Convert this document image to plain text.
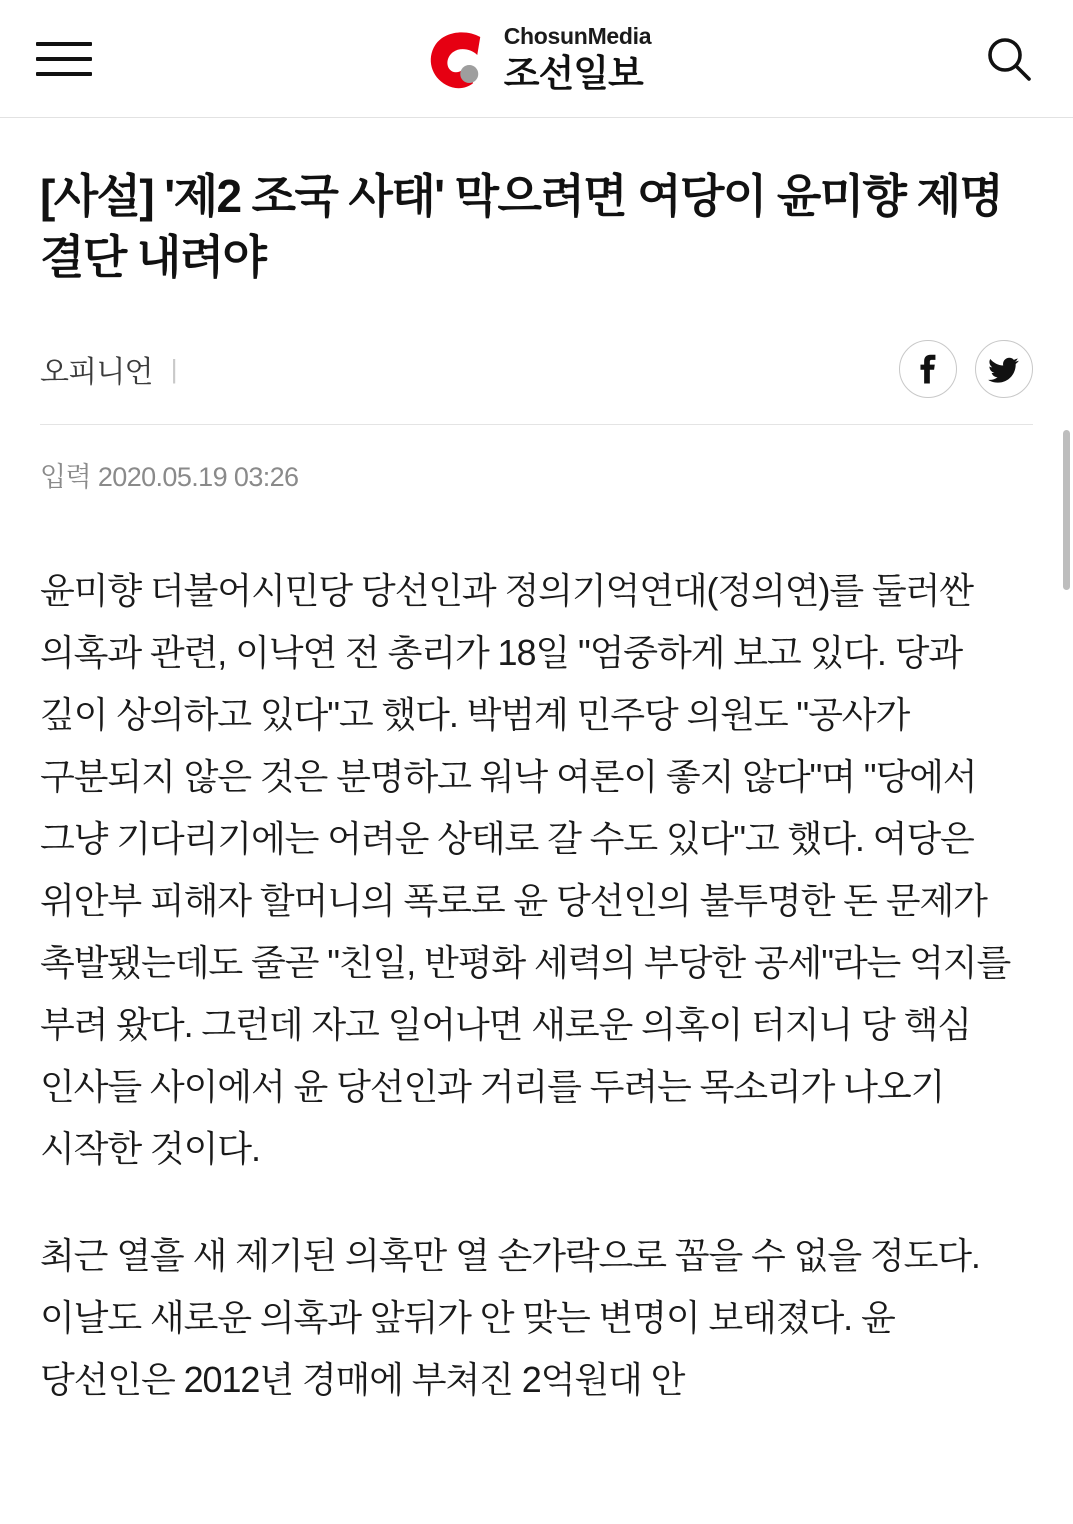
ChosunMedia
조선일보
[사설] '제2 조국 사태' 막으려면 여당이 윤미향 제명 결단 내려야
오피니언 |
입력 2020.05.19 03:26

윤미향 더불어시민당 당선인과 정의기억연대(정의연)를 둘러싼 의혹과 관련, 이낙연 전 총리가 18일 "엄중하게 보고 있다. 당과 깊이 상의하고 있다"고 했다. 박범계 민주당 의원도 "공사가 구분되지 않은 것은 분명하고 워낙 여론이 좋지 않다"며 "당에서 그냥 기다리기에는 어려운 상태로 갈 수도 있다"고 했다. 여당은 위안부 피해자 할머니의 폭로로 윤 당선인의 불투명한 돈 문제가 촉발됐는데도 줄곧 "친일, 반평화 세력의 부당한 공세"라는 억지를 부려 왔다. 그런데 자고 일어나면 새로운 의혹이 터지니 당 핵심 인사들 사이에서 윤 당선인과 거리를 두려는 목소리가 나오기 시작한 것이다.

최근 열흘 새 제기된 의혹만 열 손가락으로 꼽을 수 없을 정도다. 이날도 새로운 의혹과 앞뒤가 안 맞는 변명이 보태졌다. 윤 당선인은 2012년 경매에 부쳐진 2억원대 안
